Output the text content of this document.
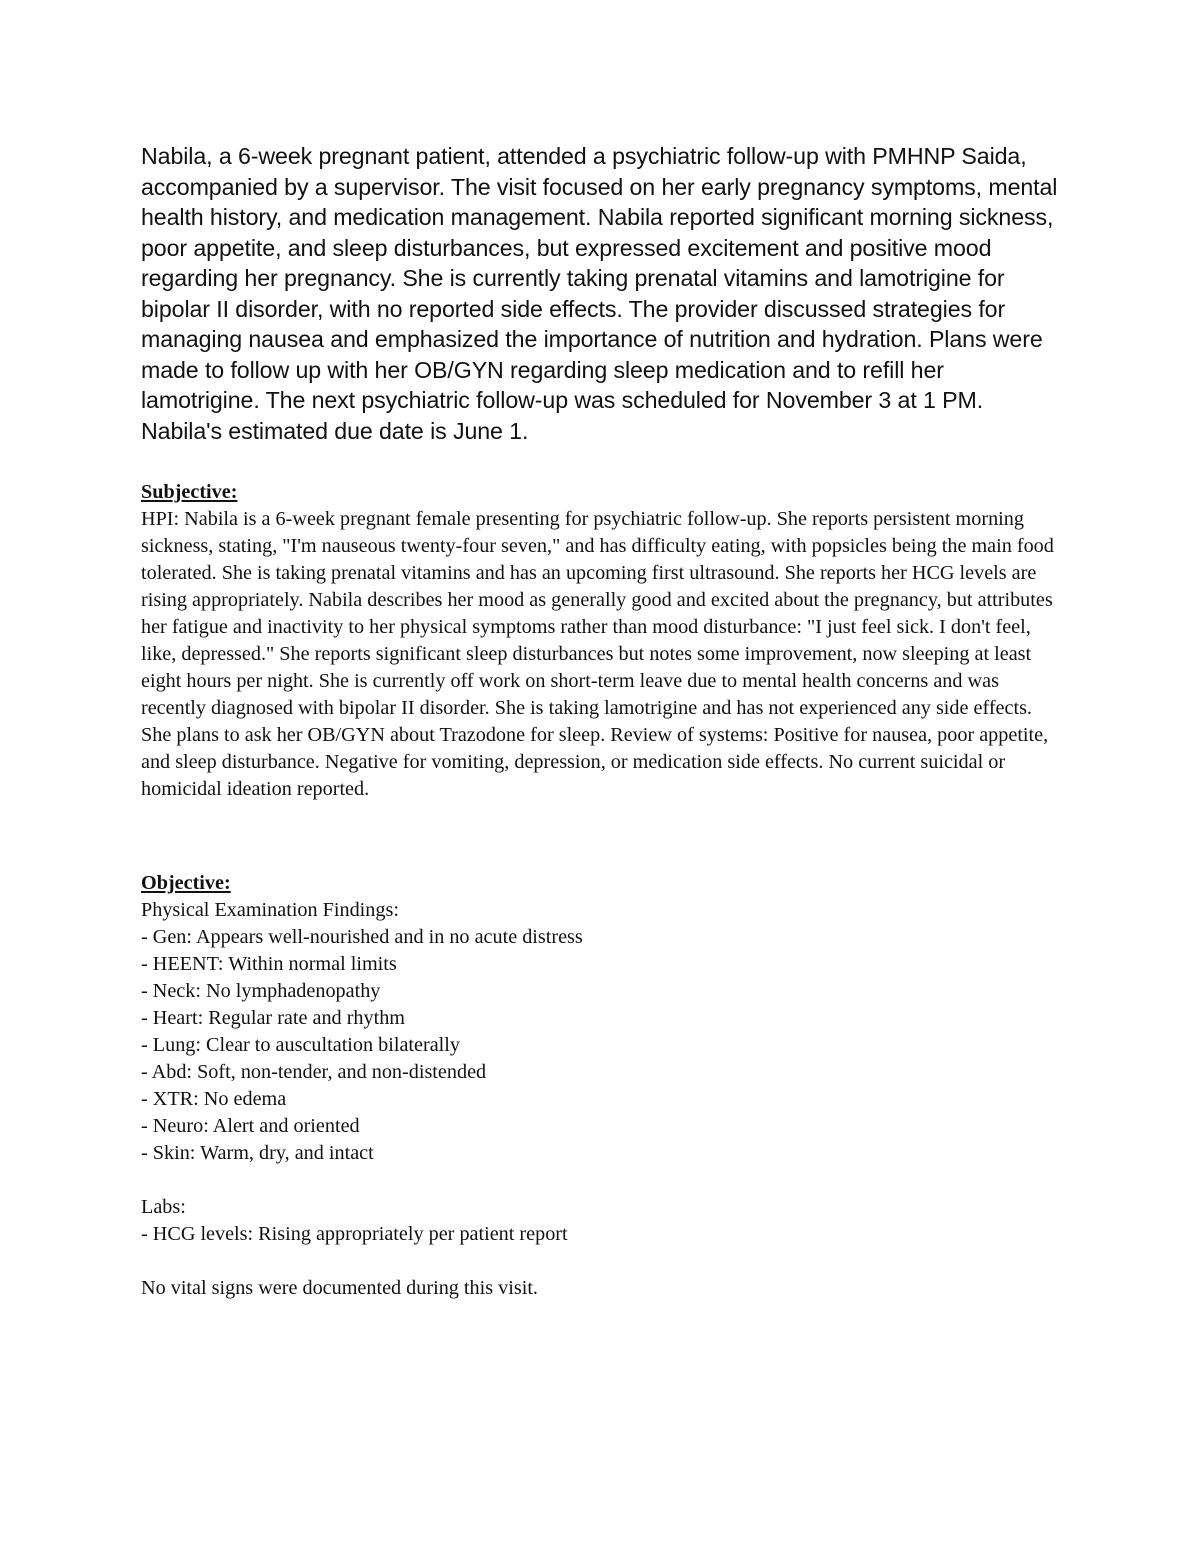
Nabila, a 6-week pregnant patient, attended a psychiatric follow-up with PMHNP Saida, accompanied by a supervisor. The visit focused on her early pregnancy symptoms, mental health history, and medication management. Nabila reported significant morning sickness, poor appetite, and sleep disturbances, but expressed excitement and positive mood regarding her pregnancy. She is currently taking prenatal vitamins and lamotrigine for bipolar II disorder, with no reported side effects. The provider discussed strategies for managing nausea and emphasized the importance of nutrition and hydration. Plans were made to follow up with her OB/GYN regarding sleep medication and to refill her lamotrigine. The next psychiatric follow-up was scheduled for November 3 at 1 PM. Nabila's estimated due date is June 1.

Subjective:

HPI: Nabila is a 6-week pregnant female presenting for psychiatric follow-up. She reports persistent morning sickness, stating, "I'm nauseous twenty-four seven," and has difficulty eating, with popsicles being the main food tolerated. She is taking prenatal vitamins and has an upcoming first ultrasound. She reports her HCG levels are rising appropriately. Nabila describes her mood as generally good and excited about the pregnancy, but attributes her fatigue and inactivity to her physical symptoms rather than mood disturbance: "I just feel sick. I don't feel, like, depressed." She reports significant sleep disturbances but notes some improvement, now sleeping at least eight hours per night. She is currently off work on short-term leave due to mental health concerns and was recently diagnosed with bipolar II disorder. She is taking lamotrigine and has not experienced any side effects. She plans to ask her OB/GYN about Trazodone for sleep. Review of systems: Positive for nausea, poor appetite, and sleep disturbance. Negative for vomiting, depression, or medication side effects. No current suicidal or homicidal ideation reported.

Objective:
Physical Examination Findings:
- Gen: Appears well-nourished and in no acute distress
- HEENT: Within normal limits
- Neck: No lymphadenopathy
- Heart: Regular rate and rhythm
- Lung: Clear to auscultation bilaterally
- Abd: Soft, non-tender, and non-distended
- XTR: No edema
- Neuro: Alert and oriented
- Skin: Warm, dry, and intact
Labs:
- HCG levels: Rising appropriately per patient report
No vital signs were documented during this visit.
